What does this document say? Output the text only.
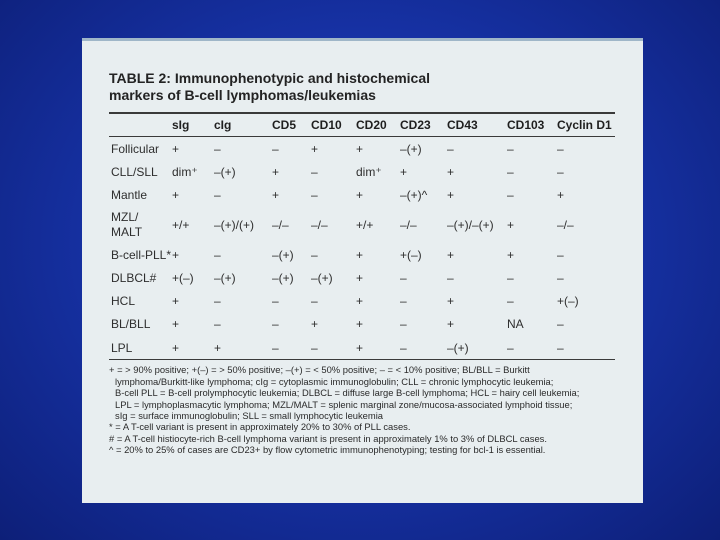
TABLE 2: Immunophenotypic and histochemical markers of B-cell lymphomas/leukemias
	sIg	cIg	CD5	CD10	CD20	CD23	CD43	CD103	Cyclin D1
Follicular	+	–	–	+	+	–(+)	–	–	–
CLL/SLL	dim⁺	–(+)	+	–	dim⁺	+	+	–	–
Mantle	+	–	+	–	+	–(+)^	+	–	+
MZL/ MALT	+/+	–(+)/(+)	–/–	–/–	+/+	–/–	–(+)/–(+)	+	–/–
B-cell-PLL*	+	–	–(+)	–	+	+(–)	+	+	–
DLBCL#	+(–)	–(+)	–(+)	–(+)	+	–	–	–	–
HCL	+	–	–	–	+	–	+	–	+(–)
BL/BLL	+	–	–	+	+	–	+	NA	–
LPL	+	+	–	–	+	–	–(+)	–	–
+ = > 90% positive; +(–) = > 50% positive; –(+) = < 50% positive; – = < 10% positive; BL/BLL = Burkitt
lymphoma/Burkitt-like lymphoma; cIg = cytoplasmic immunoglobulin; CLL = chronic lymphocytic leukemia;
B-cell PLL = B-cell prolymphocytic leukemia; DLBCL = diffuse large B-cell lymphoma; HCL = hairy cell leukemia;
LPL = lymphoplasmacytic lymphoma; MZL/MALT = splenic marginal zone/mucosa-associated lymphoid tissue;
sIg = surface immunoglobulin; SLL = small lymphocytic leukemia
* = A T-cell variant is present in approximately 20% to 30% of PLL cases.
# = A T-cell histiocyte-rich B-cell lymphoma variant is present in approximately 1% to 3% of DLBCL cases.
^ = 20% to 25% of cases are CD23+ by flow cytometric immunophenotyping; testing for bcl-1 is essential.
